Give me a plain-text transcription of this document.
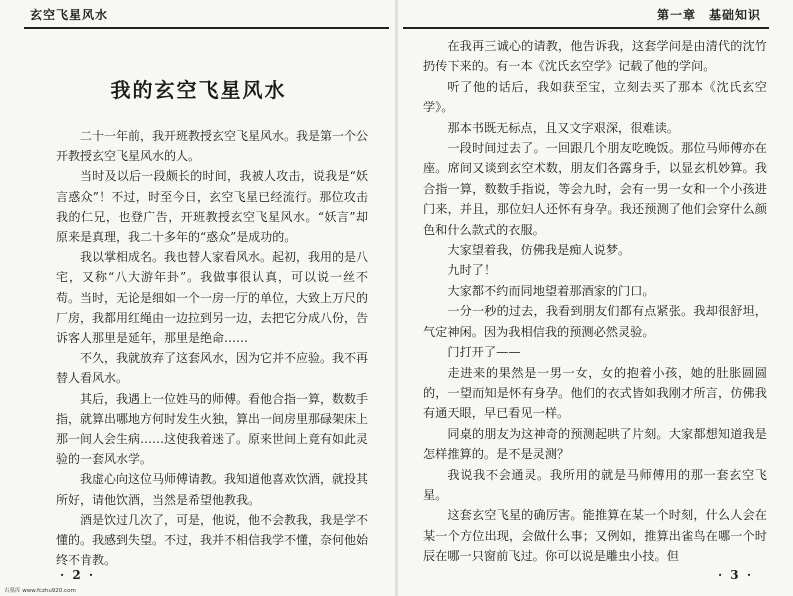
玄空飞星风水
我的玄空飞星风水

二十一年前，我开班教授玄空飞星风水。我是第一个公开教授玄空飞星风水的人。

当时及以后一段颇长的时间，我被人攻击，说我是“妖言惑众”！不过，时至今日，玄空飞星已经流行。那位攻击我的仁兄，也登广告，开班教授玄空飞星风水。“妖言”却原来是真理，我二十多年的“惑众”是成功的。

我以掌相成名。我也替人家看风水。起初，我用的是八宅，又称“八大游年卦”。我做事很认真，可以说一丝不苟。当时，无论是细如一个一房一厅的单位，大致上万尺的厂房，我都用红绳由一边拉到另一边，去把它分成八份，告诉客人那里是延年，那里是绝命……

不久，我就放弃了这套风水，因为它并不应验。我不再替人看风水。

其后，我遇上一位姓马的师傅。看他合指一算，数数手指，就算出哪地方何时发生火独，算出一间房里那碌架床上那一间人会生病……这使我着迷了。原来世间上竟有如此灵验的一套风水学。

我虚心向这位马师傅请教。我知道他喜欢饮酒，就投其所好，请他饮酒，当然是希望他教我。

酒是饮过几次了，可是，他说，他不会教我，我是学不懂的。我感到失望。不过，我并不相信我学不懂，奈何他始终不肯教。

· 2 ·
古墓库 www.fczhu920.com
第一章　基础知识

在我再三诚心的请教，他告诉我，这套学问是由清代的沈竹扔传下来的。有一本《沈氏玄空学》记载了他的学问。

听了他的话后，我如获至宝，立刻去买了那本《沈氏玄空学》。

那本书既无标点，且又文字艰深，很难读。

一段时间过去了。一回跟几个朋友吃晚饭。那位马师傅亦在座。席间又谈到玄空术数，朋友们各露身手，以显玄机妙算。我合指一算，数数手指说，等会九时，会有一男一女和一个小孩进门来，并且，那位妇人还怀有身孕。我还预测了他们会穿什么颜色和什么款式的衣服。

大家望着我，仿佛我是痴人说梦。

九时了！

大家都不约而同地望着那酒家的门口。

一分一秒的过去，我看到朋友们都有点紧张。我却很舒坦，气定神闲。因为我相信我的预测必然灵验。

门打开了——

走进来的果然是一男一女，女的抱着小孩，她的肚胀圆圆的，一望而知是怀有身孕。他们的衣式皆如我刚才所言，仿佛我有通天眼，早已看见一样。

同桌的朋友为这神奇的预测起哄了片刻。大家都想知道我是怎样推算的。是不是灵测？

我说我不会通灵。我所用的就是马师傅用的那一套玄空飞星。

这套玄空飞星的确厉害。能推算在某一个时刻，什么人会在某一个方位出现，会做什么事；又例如，推算出雀鸟在哪一个时辰在哪一只窗前飞过。你可以说是雕虫小技。但

· 3 ·
